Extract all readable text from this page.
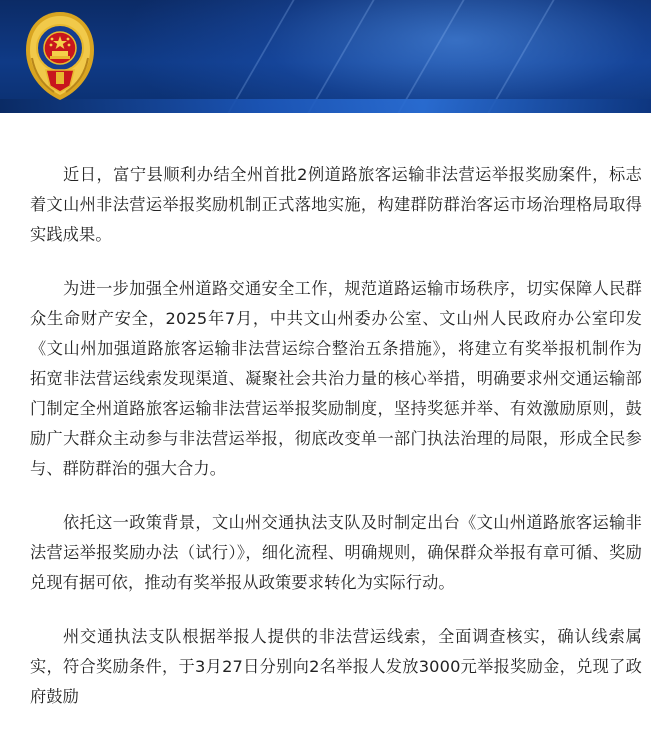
近日，富宁县顺利办结全州首批2例道路旅客运输非法营运举报奖励案件，标志着文山州非法营运举报奖励机制正式落地实施，构建群防群治客运市场治理格局取得实践成果。

为进一步加强全州道路交通安全工作，规范道路运输市场秩序，切实保障人民群众生命财产安全，2025年7月，中共文山州委办公室、文山州人民政府办公室印发《文山州加强道路旅客运输非法营运综合整治五条措施》，将建立有奖举报机制作为拓宽非法营运线索发现渠道、凝聚社会共治力量的核心举措，明确要求州交通运输部门制定全州道路旅客运输非法营运举报奖励制度，坚持奖惩并举、有效激励原则，鼓励广大群众主动参与非法营运举报，彻底改变单一部门执法治理的局限，形成全民参与、群防群治的强大合力。

依托这一政策背景，文山州交通执法支队及时制定出台《文山州道路旅客运输非法营运举报奖励办法（试行）》，细化流程、明确规则，确保群众举报有章可循、奖励兑现有据可依，推动有奖举报从政策要求转化为实际行动。

州交通执法支队根据举报人提供的非法营运线索，全面调查核实，确认线索属实，符合奖励条件，于3月27日分别向2名举报人发放3000元举报奖励金，兑现了政府鼓励
